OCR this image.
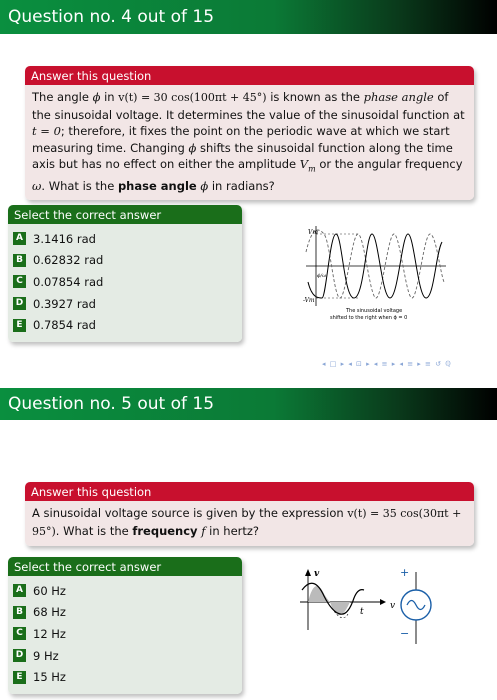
Question no. 4 out of 15
Answer this question
The angle ϕ in v(t) = 30 cos(100πt + 45°) is known as the phase angle of the sinusoidal voltage. It determines the value of the sinusoidal function at t = 0; therefore, it fixes the point on the periodic wave at which we start measuring time. Changing ϕ shifts the sinusoidal function along the time axis but has no effect on either the amplitude $V_m$ or the angular frequency ω. What is the phase angle ϕ in radians?
Select the correct answer
A 3.1416 rad
B 0.62832 rad
C 0.07854 rad
D 0.3927 rad
E 0.7854 rad
Vm
-Vm
ϕ/ω
The sinusoidal voltage
shifted to the right when ϕ = 0
◂ □ ▸ ◂ ⊡ ▸ ◂ ≡ ▸ ◂ ≡ ▸ ≡ ↺ ℚ
Question no. 5 out of 15
Answer this question
A sinusoidal voltage source is given by the expression v(t) = 35 cos(30πt + 95°). What is the frequency f in hertz?
Select the correct answer
A 60 Hz
B 68 Hz
C 12 Hz
D 9 Hz
E 15 Hz
v
t
+
−
v
